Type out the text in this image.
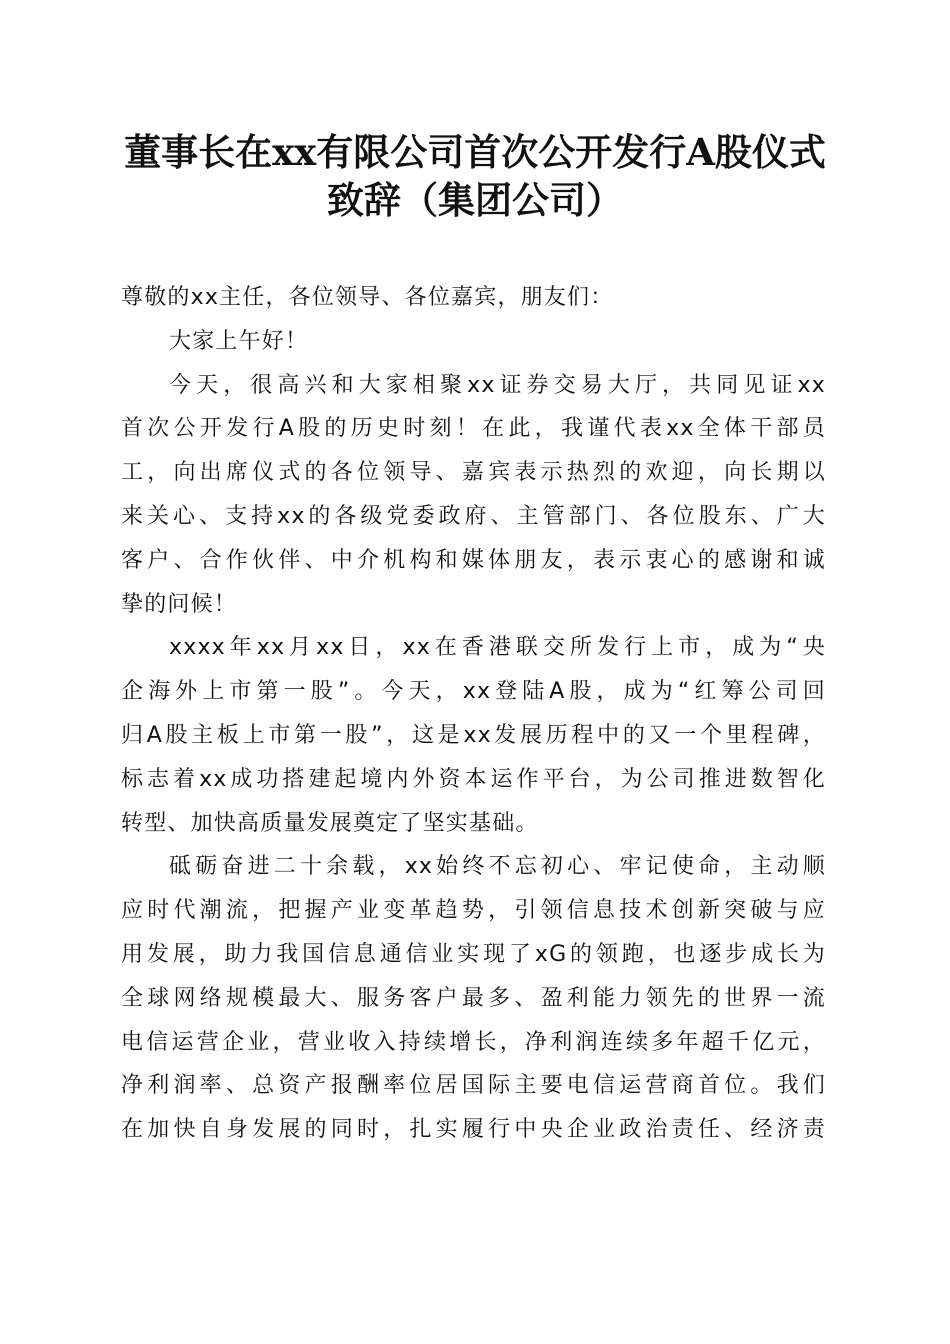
董事长在xx有限公司首次公开发行A股仪式
致辞（集团公司）
尊敬的xx主任，各位领导、各位嘉宾，朋友们：
大家上午好！
今天，很高兴和大家相聚xx证券交易大厅，共同见证xx
首次公开发行A股的历史时刻！在此，我谨代表xx全体干部员
工，向出席仪式的各位领导、嘉宾表示热烈的欢迎，向长期以
来关心、支持xx的各级党委政府、主管部门、各位股东、广大
客户、合作伙伴、中介机构和媒体朋友，表示衷心的感谢和诚
挚的问候！
xxxx年xx月xx日，xx在香港联交所发行上市，成为“央
企海外上市第一股”。今天，xx登陆A股，成为“红筹公司回
归A股主板上市第一股”，这是xx发展历程中的又一个里程碑，
标志着xx成功搭建起境内外资本运作平台，为公司推进数智化
转型、加快高质量发展奠定了坚实基础。
砥砺奋进二十余载，xx始终不忘初心、牢记使命，主动顺
应时代潮流，把握产业变革趋势，引领信息技术创新突破与应
用发展，助力我国信息通信业实现了xG的领跑，也逐步成长为
全球网络规模最大、服务客户最多、盈利能力领先的世界一流
电信运营企业，营业收入持续增长，净利润连续多年超千亿元，
净利润率、总资产报酬率位居国际主要电信运营商首位。我们
在加快自身发展的同时，扎实履行中央企业政治责任、经济责
